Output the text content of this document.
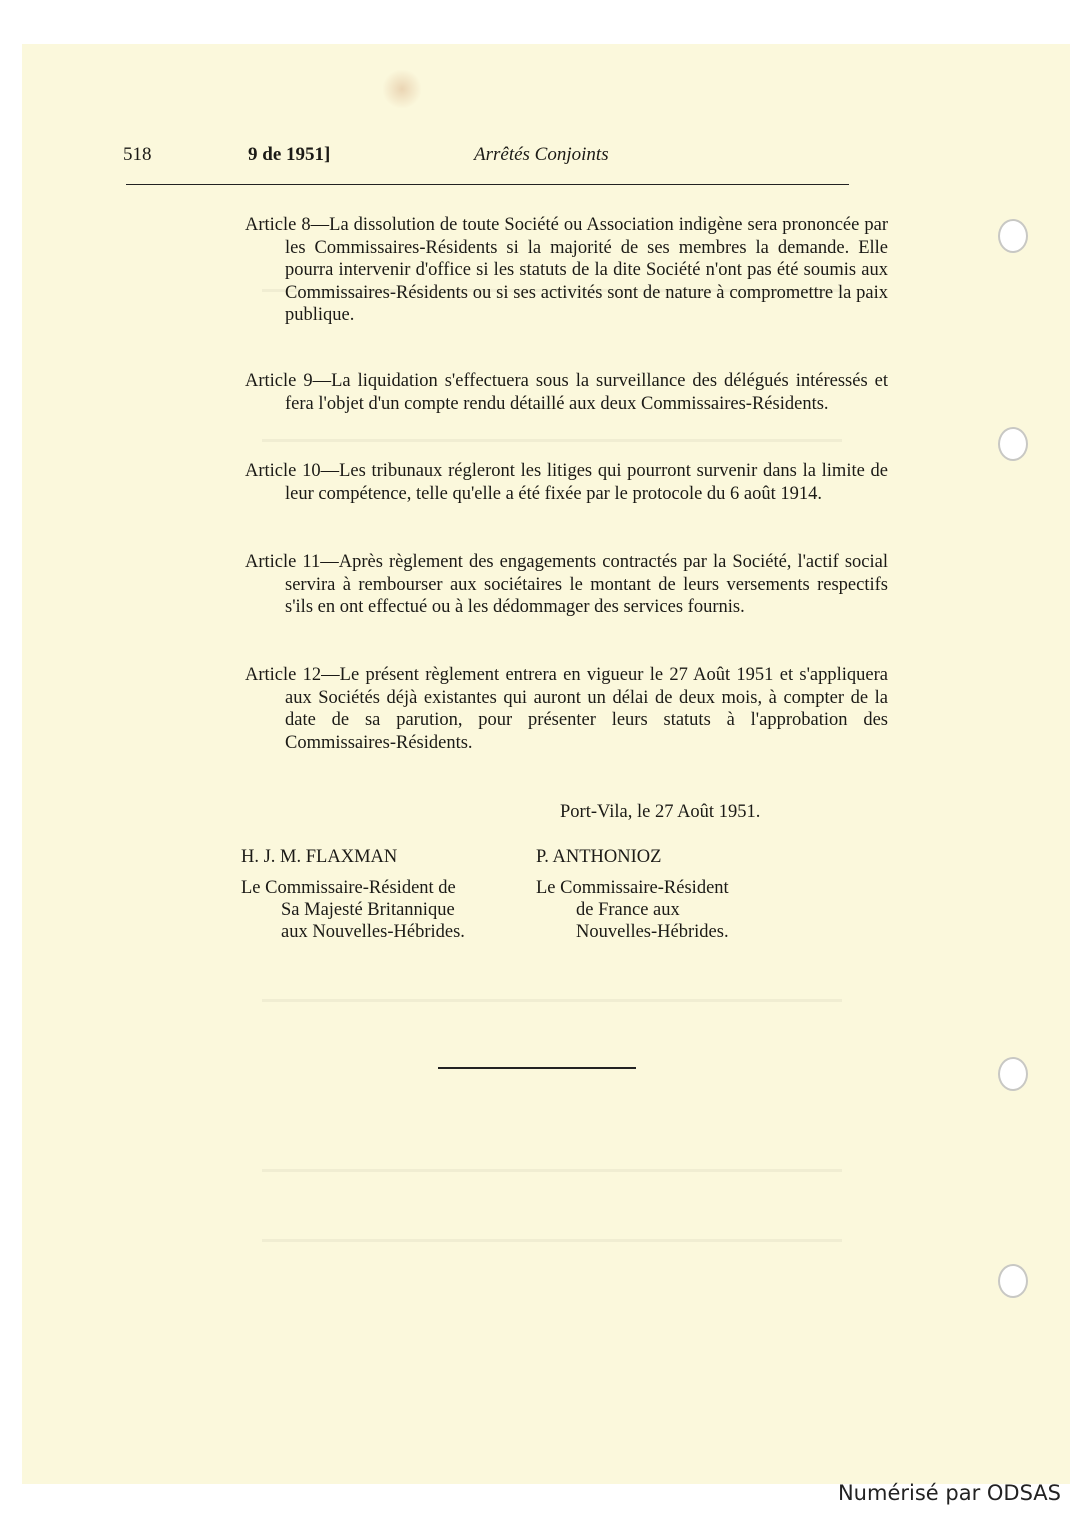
518	9 de 1951]	Arrêtés Conjoints

Article 8—La dissolution de toute Société ou Association indigène sera prononcée par les Commissaires-Résidents si la majorité de ses membres la demande. Elle pourra intervenir d'office si les statuts de la dite Société n'ont pas été soumis aux Commissaires-Résidents ou si ses activités sont de nature à compromettre la paix publique.

Article 9—La liquidation s'effectuera sous la surveillance des délégués intéressés et fera l'objet d'un compte rendu détaillé aux deux Commissaires-Résidents.

Article 10—Les tribunaux régleront les litiges qui pourront survenir dans la limite de leur compétence, telle qu'elle a été fixée par le protocole du 6 août 1914.

Article 11—Après règlement des engagements contractés par la Société, l'actif social servira à rembourser aux sociétaires le montant de leurs versements respectifs s'ils en ont effectué ou à les dédommager des services fournis.

Article 12—Le présent règlement entrera en vigueur le 27 Août 1951 et s'appliquera aux Sociétés déjà existantes qui auront un délai de deux mois, à compter de la date de sa parution, pour présenter leurs statuts à l'approbation des Commissaires-Résidents.

Port-Vila, le 27 Août 1951.
H. J. M. FLAXMAN	P. ANTHONIOZ
Le Commissaire-Résident de
Sa Majesté Britannique
aux Nouvelles-Hébrides.
Le Commissaire-Résident
de France aux
Nouvelles-Hébrides.
Numérisé par ODSAS
